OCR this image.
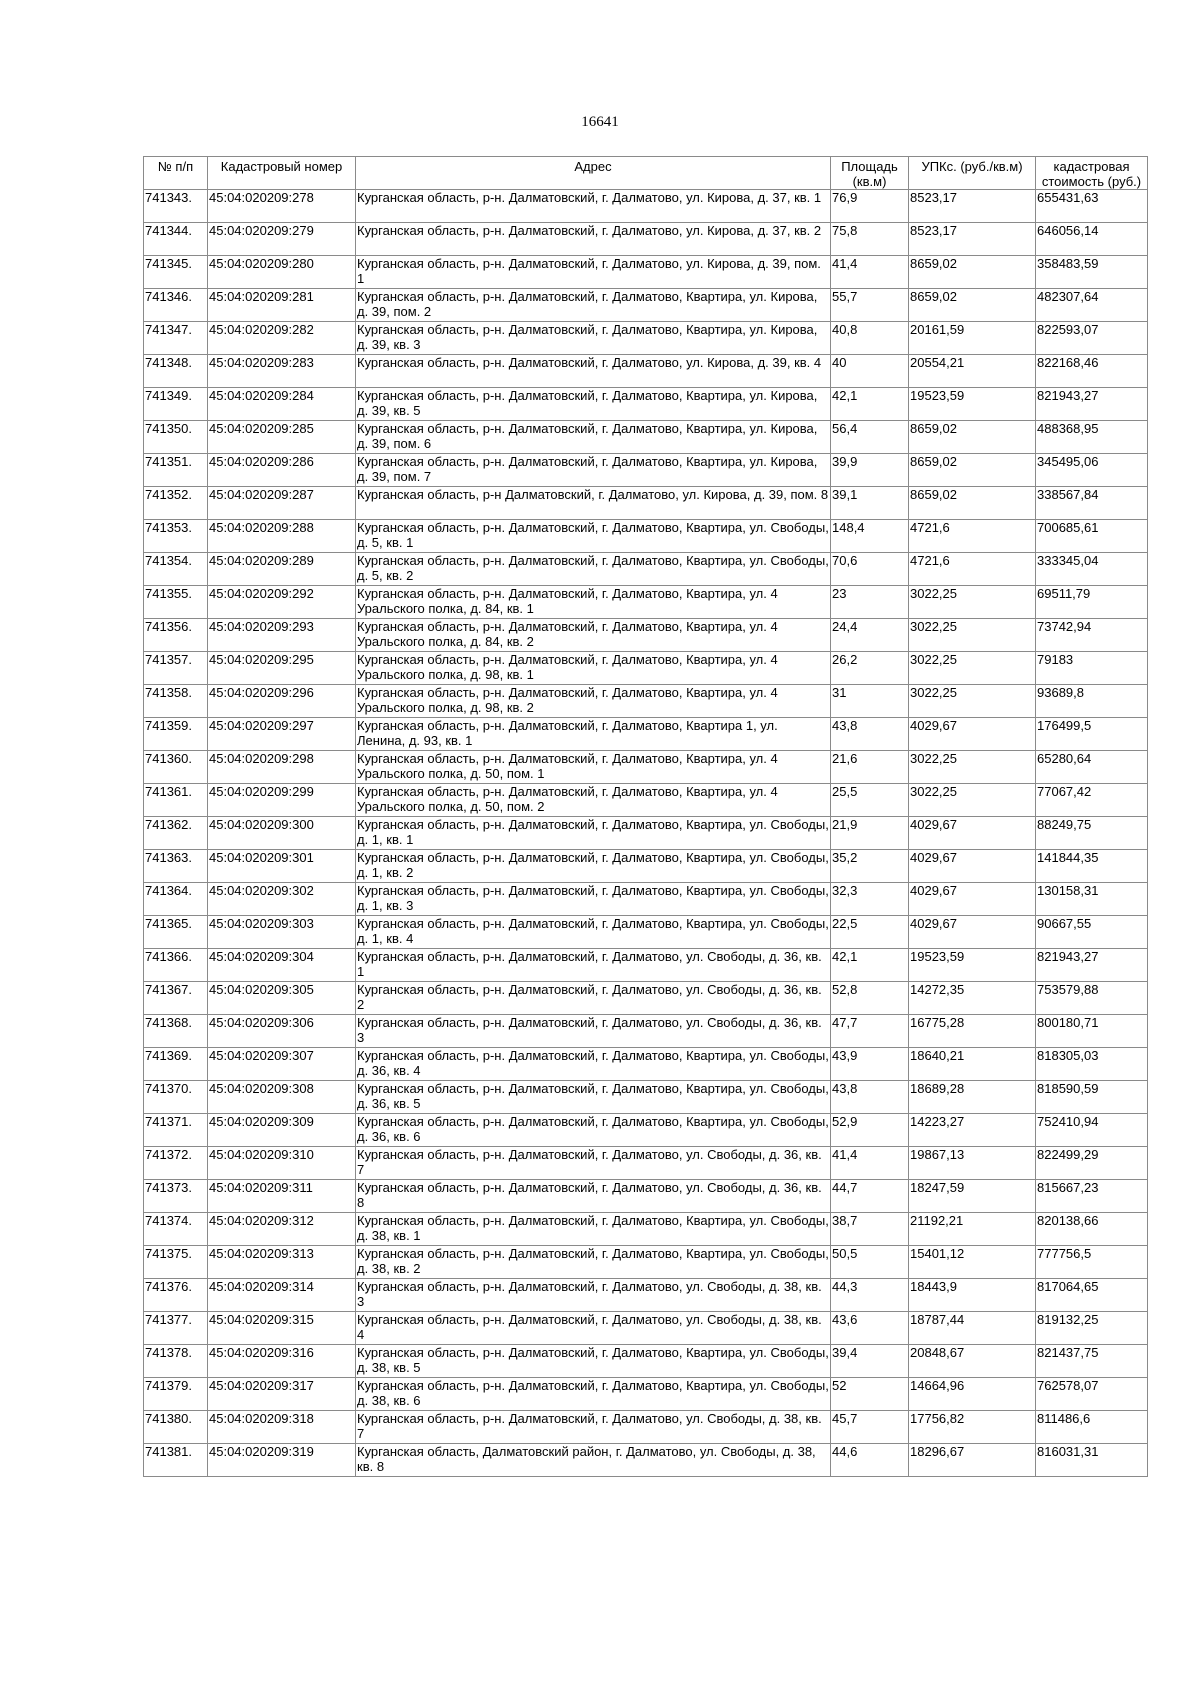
16641
№ п/п	Кадастровый номер	Адрес	Площадь (кв.м)	УПКс. (руб./кв.м)	кадастровая стоимость (руб.)
741343.	45:04:020209:278	Курганская область, р-н. Далматовский, г. Далматово, ул. Кирова, д. 37, кв. 1	76,9	8523,17	655431,63
741344.	45:04:020209:279	Курганская область, р-н. Далматовский, г. Далматово, ул. Кирова, д. 37, кв. 2	75,8	8523,17	646056,14
741345.	45:04:020209:280	Курганская область, р-н. Далматовский, г. Далматово, ул. Кирова, д. 39, пом. 1	41,4	8659,02	358483,59
741346.	45:04:020209:281	Курганская область, р-н. Далматовский, г. Далматово, Квартира, ул. Кирова, д. 39, пом. 2	55,7	8659,02	482307,64
741347.	45:04:020209:282	Курганская область, р-н. Далматовский, г. Далматово, Квартира, ул. Кирова, д. 39, кв. 3	40,8	20161,59	822593,07
741348.	45:04:020209:283	Курганская область, р-н. Далматовский, г. Далматово, ул. Кирова, д. 39, кв. 4	40	20554,21	822168,46
741349.	45:04:020209:284	Курганская область, р-н. Далматовский, г. Далматово, Квартира, ул. Кирова, д. 39, кв. 5	42,1	19523,59	821943,27
741350.	45:04:020209:285	Курганская область, р-н. Далматовский, г. Далматово, Квартира, ул. Кирова, д. 39, пом. 6	56,4	8659,02	488368,95
741351.	45:04:020209:286	Курганская область, р-н. Далматовский, г. Далматово, Квартира, ул. Кирова, д. 39, пом. 7	39,9	8659,02	345495,06
741352.	45:04:020209:287	Курганская область, р-н Далматовский, г. Далматово, ул. Кирова, д. 39, пом. 8	39,1	8659,02	338567,84
741353.	45:04:020209:288	Курганская область, р-н. Далматовский, г. Далматово, Квартира, ул. Свободы, д. 5, кв. 1	148,4	4721,6	700685,61
741354.	45:04:020209:289	Курганская область, р-н. Далматовский, г. Далматово, Квартира, ул. Свободы, д. 5, кв. 2	70,6	4721,6	333345,04
741355.	45:04:020209:292	Курганская область, р-н. Далматовский, г. Далматово, Квартира, ул. 4 Уральского полка, д. 84, кв. 1	23	3022,25	69511,79
741356.	45:04:020209:293	Курганская область, р-н. Далматовский, г. Далматово, Квартира, ул. 4 Уральского полка, д. 84, кв. 2	24,4	3022,25	73742,94
741357.	45:04:020209:295	Курганская область, р-н. Далматовский, г. Далматово, Квартира, ул. 4 Уральского полка, д. 98, кв. 1	26,2	3022,25	79183
741358.	45:04:020209:296	Курганская область, р-н. Далматовский, г. Далматово, Квартира, ул. 4 Уральского полка, д. 98, кв. 2	31	3022,25	93689,8
741359.	45:04:020209:297	Курганская область, р-н. Далматовский, г. Далматово, Квартира 1, ул. Ленина, д. 93, кв. 1	43,8	4029,67	176499,5
741360.	45:04:020209:298	Курганская область, р-н. Далматовский, г. Далматово, Квартира, ул. 4 Уральского полка, д. 50, пом. 1	21,6	3022,25	65280,64
741361.	45:04:020209:299	Курганская область, р-н. Далматовский, г. Далматово, Квартира, ул. 4 Уральского полка, д. 50, пом. 2	25,5	3022,25	77067,42
741362.	45:04:020209:300	Курганская область, р-н. Далматовский, г. Далматово, Квартира, ул. Свободы, д. 1, кв. 1	21,9	4029,67	88249,75
741363.	45:04:020209:301	Курганская область, р-н. Далматовский, г. Далматово, Квартира, ул. Свободы, д. 1, кв. 2	35,2	4029,67	141844,35
741364.	45:04:020209:302	Курганская область, р-н. Далматовский, г. Далматово, Квартира, ул. Свободы, д. 1, кв. 3	32,3	4029,67	130158,31
741365.	45:04:020209:303	Курганская область, р-н. Далматовский, г. Далматово, Квартира, ул. Свободы, д. 1, кв. 4	22,5	4029,67	90667,55
741366.	45:04:020209:304	Курганская область, р-н. Далматовский, г. Далматово, ул. Свободы, д. 36, кв. 1	42,1	19523,59	821943,27
741367.	45:04:020209:305	Курганская область, р-н. Далматовский, г. Далматово, ул. Свободы, д. 36, кв. 2	52,8	14272,35	753579,88
741368.	45:04:020209:306	Курганская область, р-н. Далматовский, г. Далматово, ул. Свободы, д. 36, кв. 3	47,7	16775,28	800180,71
741369.	45:04:020209:307	Курганская область, р-н. Далматовский, г. Далматово, Квартира, ул. Свободы, д. 36, кв. 4	43,9	18640,21	818305,03
741370.	45:04:020209:308	Курганская область, р-н. Далматовский, г. Далматово, Квартира, ул. Свободы, д. 36, кв. 5	43,8	18689,28	818590,59
741371.	45:04:020209:309	Курганская область, р-н. Далматовский, г. Далматово, Квартира, ул. Свободы, д. 36, кв. 6	52,9	14223,27	752410,94
741372.	45:04:020209:310	Курганская область, р-н. Далматовский, г. Далматово, ул. Свободы, д. 36, кв. 7	41,4	19867,13	822499,29
741373.	45:04:020209:311	Курганская область, р-н. Далматовский, г. Далматово, ул. Свободы, д. 36, кв. 8	44,7	18247,59	815667,23
741374.	45:04:020209:312	Курганская область, р-н. Далматовский, г. Далматово, Квартира, ул. Свободы, д. 38, кв. 1	38,7	21192,21	820138,66
741375.	45:04:020209:313	Курганская область, р-н. Далматовский, г. Далматово, Квартира, ул. Свободы, д. 38, кв. 2	50,5	15401,12	777756,5
741376.	45:04:020209:314	Курганская область, р-н. Далматовский, г. Далматово, ул. Свободы, д. 38, кв. 3	44,3	18443,9	817064,65
741377.	45:04:020209:315	Курганская область, р-н. Далматовский, г. Далматово, ул. Свободы, д. 38, кв. 4	43,6	18787,44	819132,25
741378.	45:04:020209:316	Курганская область, р-н. Далматовский, г. Далматово, Квартира, ул. Свободы, д. 38, кв. 5	39,4	20848,67	821437,75
741379.	45:04:020209:317	Курганская область, р-н. Далматовский, г. Далматово, Квартира, ул. Свободы, д. 38, кв. 6	52	14664,96	762578,07
741380.	45:04:020209:318	Курганская область, р-н. Далматовский, г. Далматово, ул. Свободы, д. 38, кв. 7	45,7	17756,82	811486,6
741381.	45:04:020209:319	Курганская область, Далматовский район, г. Далматово, ул. Свободы, д. 38, кв. 8	44,6	18296,67	816031,31
